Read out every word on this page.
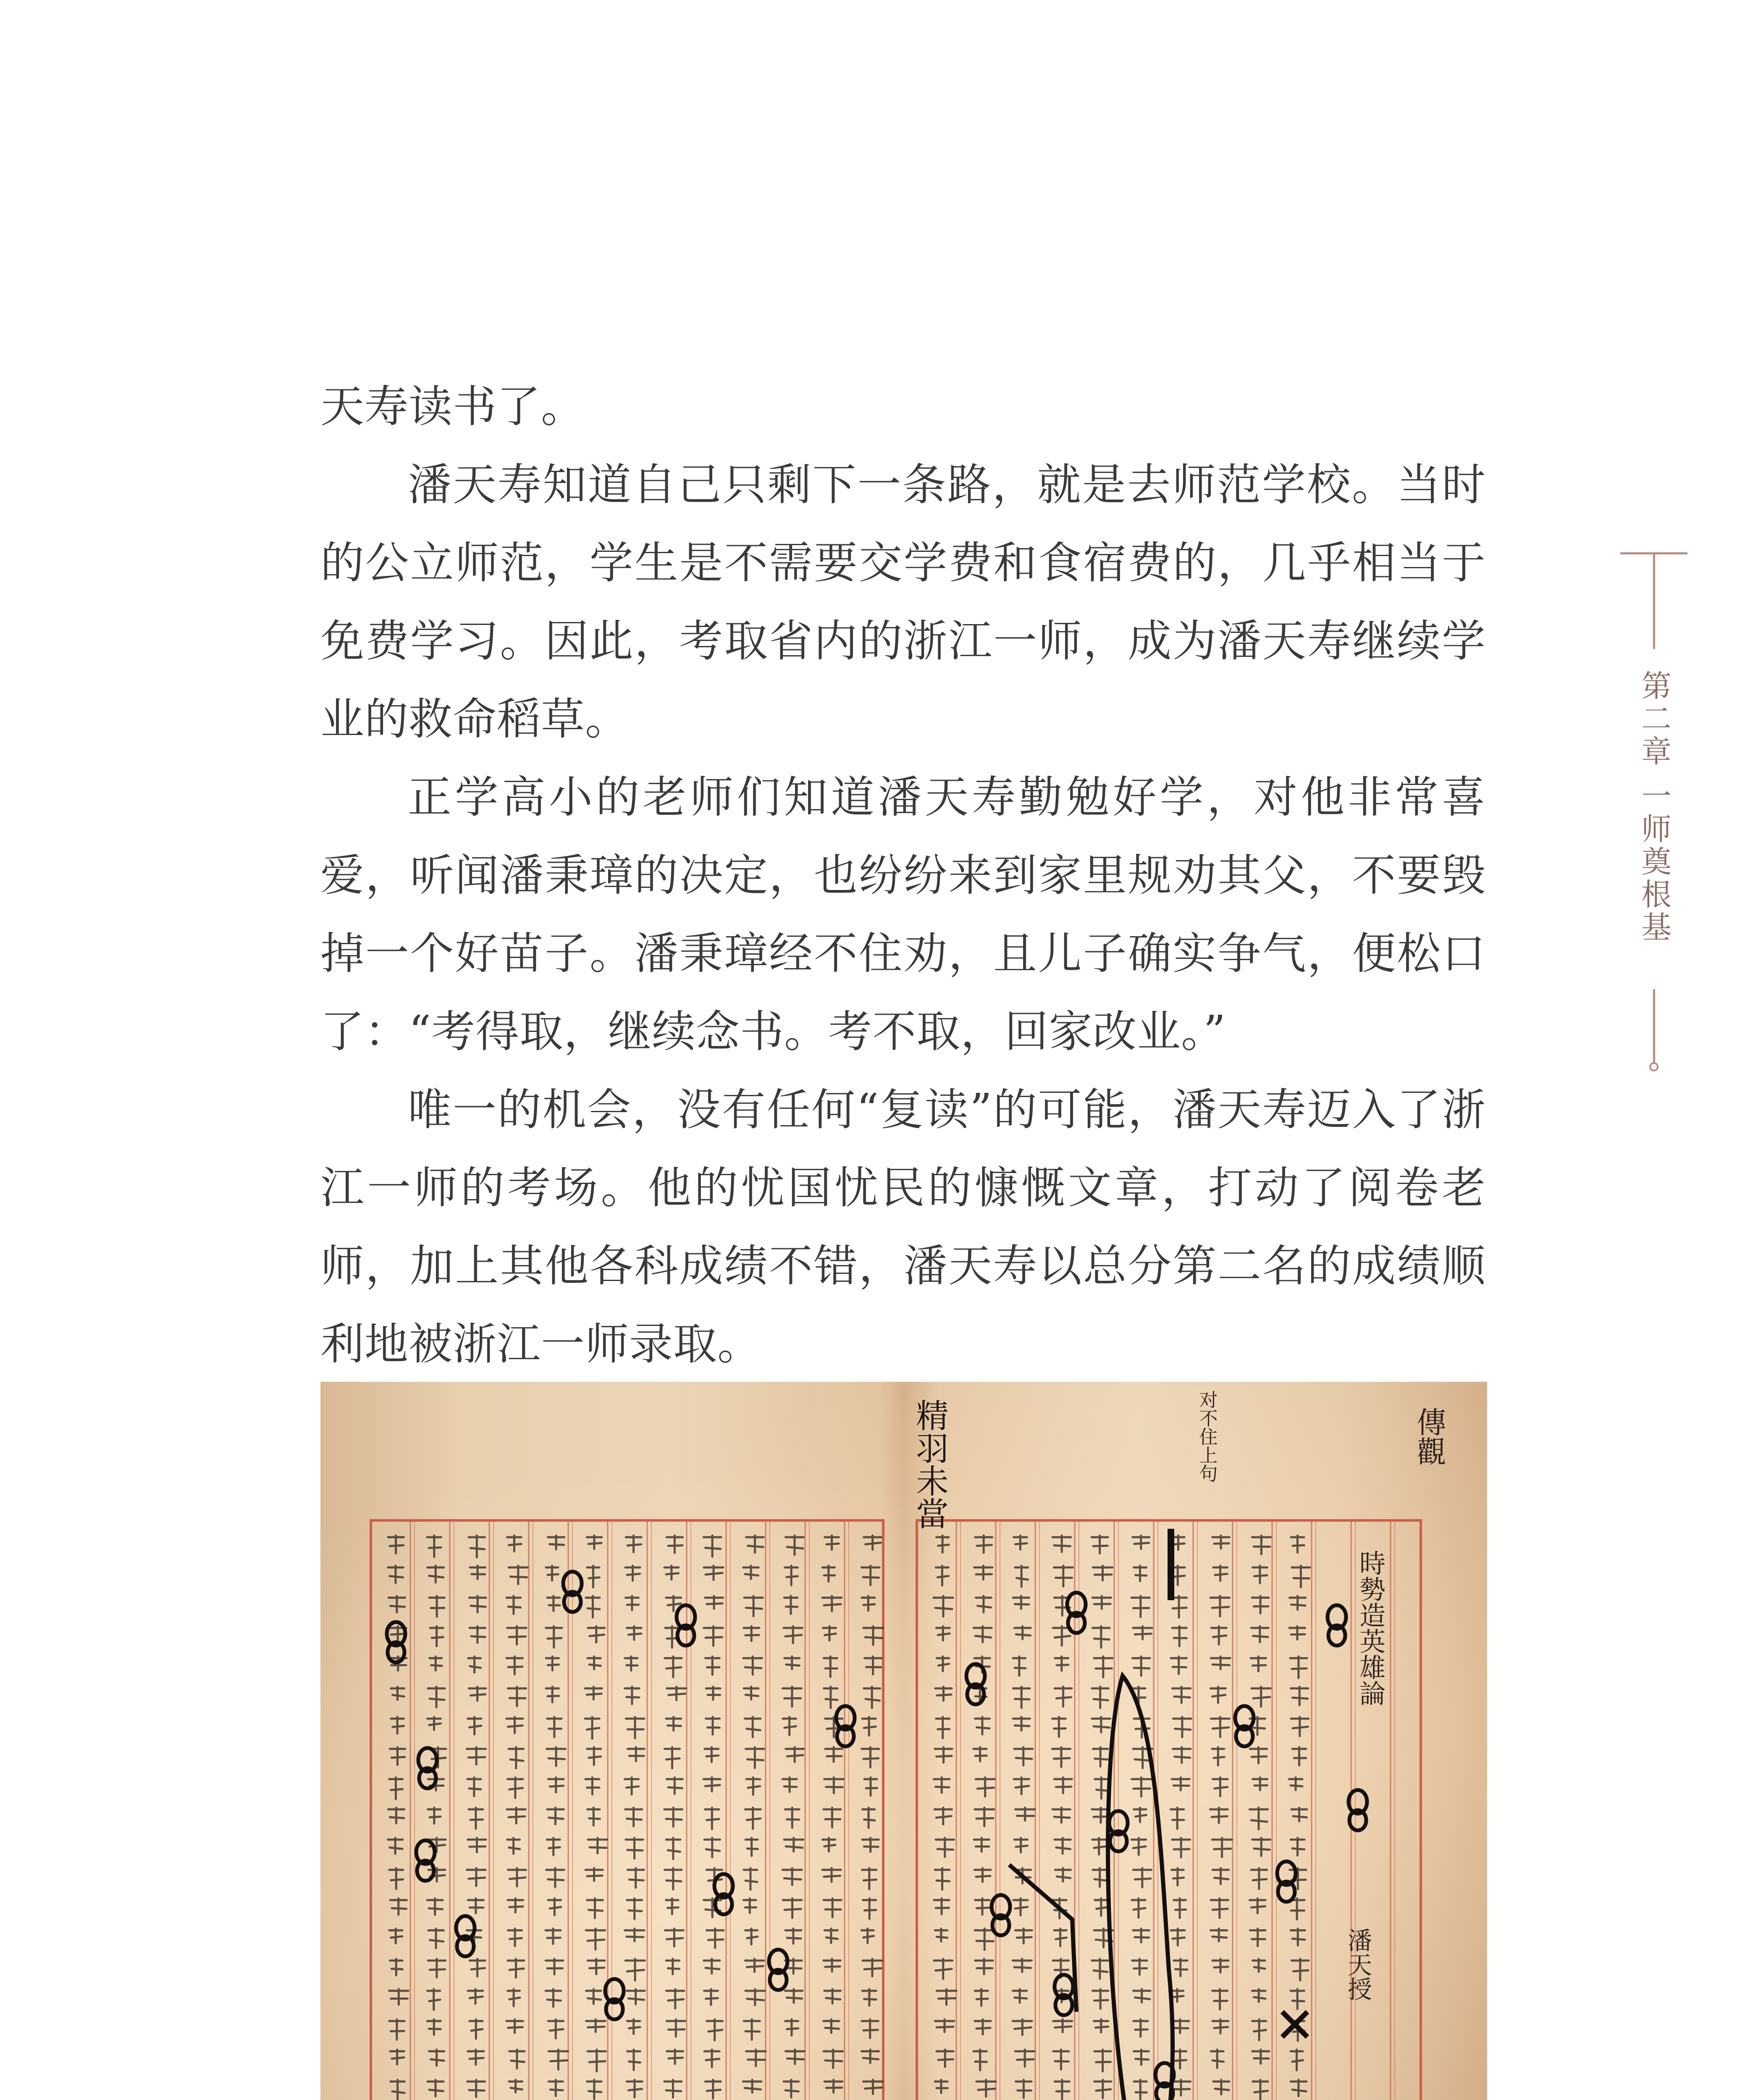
天寿读书了。

潘天寿知道自己只剩下一条路，就是去师范学校。当时的公立师范，学生是不需要交学费和食宿费的，几乎相当于免费学习。因此，考取省内的浙江一师，成为潘天寿继续学业的救命稻草。

正学高小的老师们知道潘天寿勤勉好学，对他非常喜爱，听闻潘秉璋的决定，也纷纷来到家里规劝其父，不要毁掉一个好苗子。潘秉璋经不住劝，且儿子确实争气，便松口了：“考得取，继续念书。考不取，回家改业。”

唯一的机会，没有任何“复读”的可能，潘天寿迈入了浙江一师的考场。他的忧国忧民的慷慨文章，打动了阅卷老师，加上其他各科成绩不错，潘天寿以总分第二名的成绩顺利地被浙江一师录取。

第二章 一师奠根基
時勢造英雄論
潘天授
精羽未當	对不住上句	傳觀
